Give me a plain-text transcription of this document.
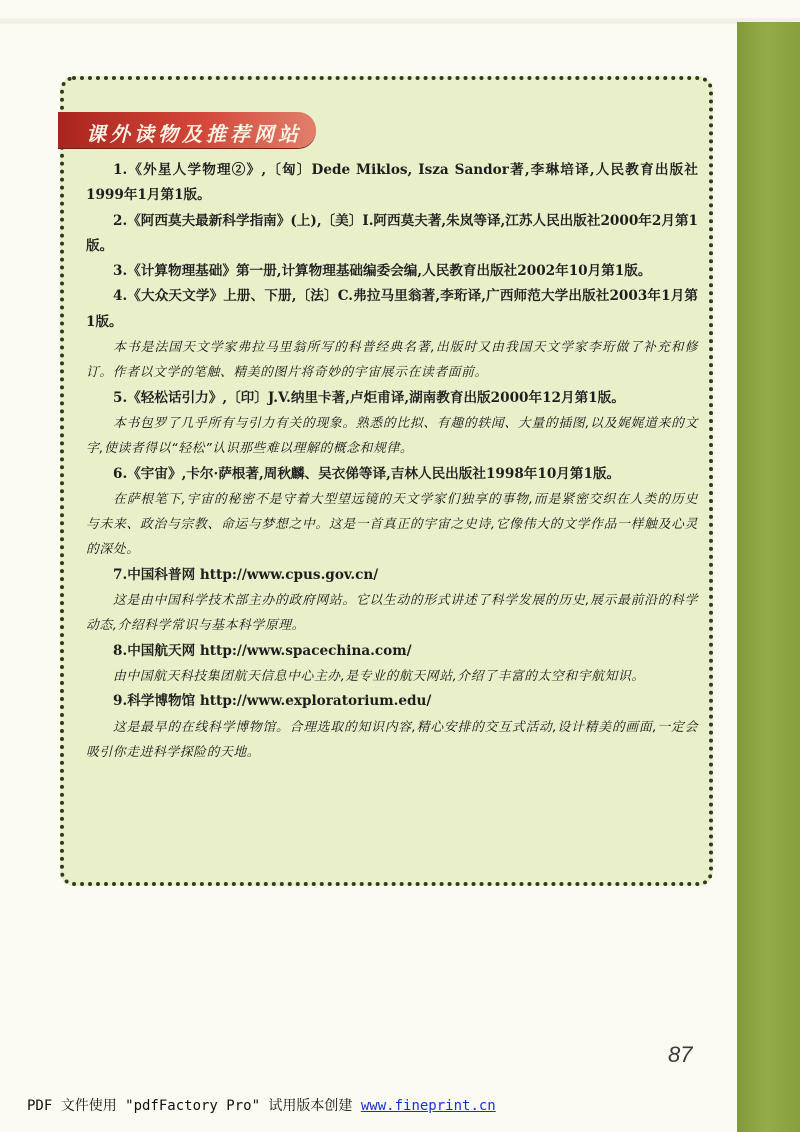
课外读物及推荐网站

1.《外星人学物理②》,〔匈〕Dede Miklos, Isza Sandor著,李琳培译,人民教育出版社1999年1月第1版。

2.《阿西莫夫最新科学指南》(上),〔美〕I.阿西莫夫著,朱岚等译,江苏人民出版社2000年2月第1版。

3.《计算物理基础》第一册,计算物理基础编委会编,人民教育出版社2002年10月第1版。

4.《大众天文学》上册、下册,〔法〕C.弗拉马里翁著,李珩译,广西师范大学出版社2003年1月第1版。

本书是法国天文学家弗拉马里翁所写的科普经典名著,出版时又由我国天文学家李珩做了补充和修订。作者以文学的笔触、精美的图片将奇妙的宇宙展示在读者面前。

5.《轻松话引力》,〔印〕J.V.纳里卡著,卢炬甫译,湖南教育出版2000年12月第1版。

本书包罗了几乎所有与引力有关的现象。熟悉的比拟、有趣的轶闻、大量的插图,以及娓娓道来的文字,使读者得以“轻松”认识那些难以理解的概念和规律。

6.《宇宙》,卡尔·萨根著,周秋麟、吴衣俤等译,吉林人民出版社1998年10月第1版。

在萨根笔下,宇宙的秘密不是守着大型望远镜的天文学家们独享的事物,而是紧密交织在人类的历史与未来、政治与宗教、命运与梦想之中。这是一首真正的宇宙之史诗,它像伟大的文学作品一样触及心灵的深处。

7.中国科普网 http://www.cpus.gov.cn/

这是由中国科学技术部主办的政府网站。它以生动的形式讲述了科学发展的历史,展示最前沿的科学动态,介绍科学常识与基本科学原理。

8.中国航天网 http://www.spacechina.com/

由中国航天科技集团航天信息中心主办,是专业的航天网站,介绍了丰富的太空和宇航知识。

9.科学博物馆 http://www.exploratorium.edu/

这是最早的在线科学博物馆。合理选取的知识内容,精心安排的交互式活动,设计精美的画面,一定会吸引你走进科学探险的天地。

87
PDF 文件使用 "pdfFactory Pro" 试用版本创建 www.fineprint.cn
